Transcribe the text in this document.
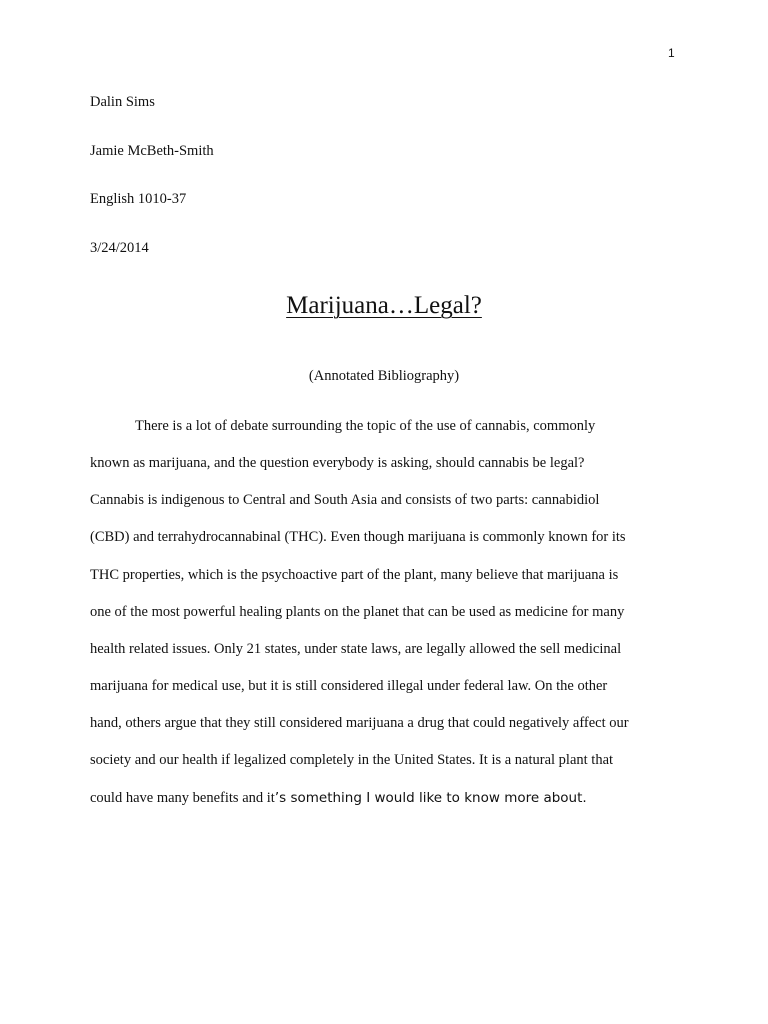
1
Dalin Sims
Jamie McBeth-Smith
English 1010-37
3/24/2014
Marijuana…Legal?
(Annotated Bibliography)
There is a lot of debate surrounding the topic of the use of cannabis, commonly
known as marijuana, and the question everybody is asking, should cannabis be legal?
Cannabis is indigenous to Central and South Asia and consists of two parts: cannabidiol
(CBD) and terrahydrocannabinal (THC). Even though marijuana is commonly known for its
THC properties, which is the psychoactive part of the plant, many believe that marijuana is
one of the most powerful healing plants on the planet that can be used as medicine for many
health related issues. Only 21 states, under state laws, are legally allowed the sell medicinal
marijuana for medical use, but it is still considered illegal under federal law. On the other
hand, others argue that they still considered marijuana a drug that could negatively affect our
society and our health if legalized completely in the United States. It is a natural plant that
could have many benefits and it’s something I would like to know more about.
